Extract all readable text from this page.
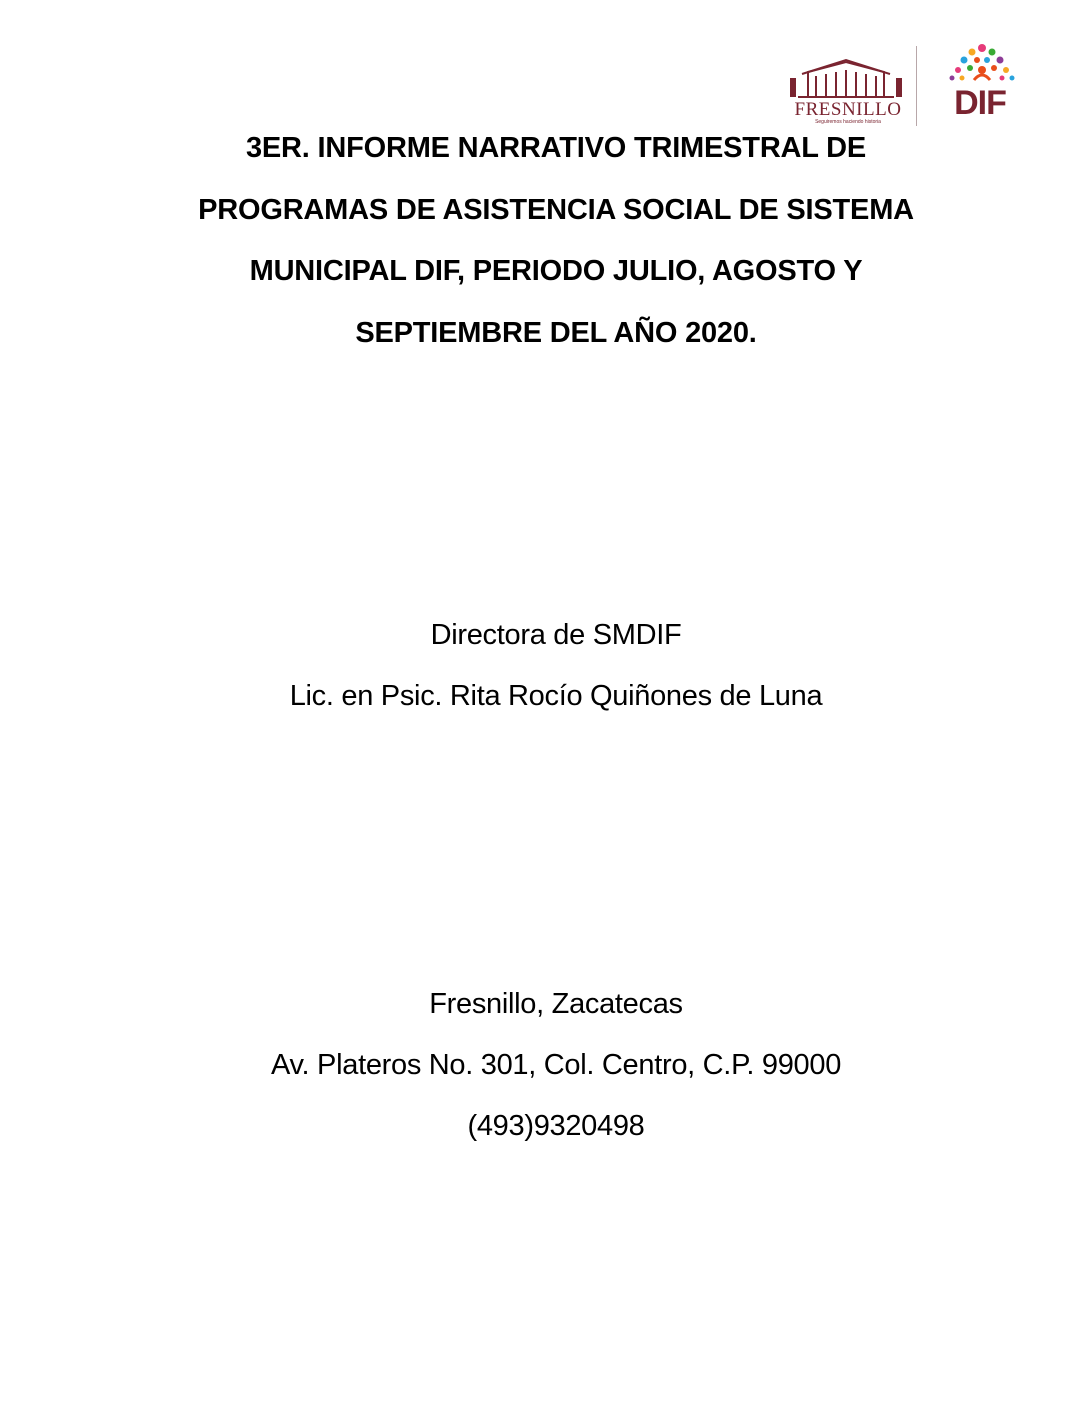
FRESNILLO
Seguiremos haciendo historia	DIF
3ER. INFORME NARRATIVO TRIMESTRAL DE
PROGRAMAS DE ASISTENCIA SOCIAL DE SISTEMA
MUNICIPAL DIF, PERIODO JULIO, AGOSTO Y
SEPTIEMBRE DEL AÑO 2020.
Directora de SMDIF
Lic. en Psic. Rita Rocío Quiñones de Luna
Fresnillo, Zacatecas
Av. Plateros No. 301, Col. Centro, C.P. 99000
(493)9320498
